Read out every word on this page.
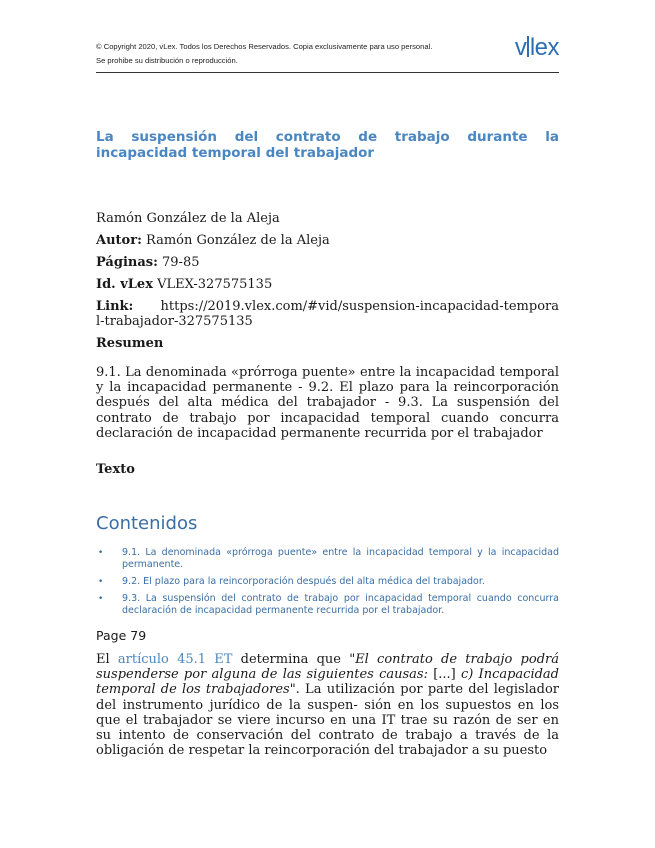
© Copyright 2020, vLex. Todos los Derechos Reservados. Copia exclusivamente para uso personal.
Se prohibe su distribución o reproducción.	v lex
La suspensión del contrato de trabajo durante la incapacidad temporal del trabajador
Ramón González de la Aleja
Autor: Ramón González de la Aleja
Páginas: 79-85
Id. vLex VLEX-327575135
Link: https://2019.vlex.com/#vid/suspension-incapacidad-temporal-trabajador-327575135
Resumen
9.1. La denominada «prórroga puente» entre la incapacidad temporal y la incapacidad permanente - 9.2. El plazo para la reincorporación después del alta médica del trabajador - 9.3. La suspensión del contrato de trabajo por incapacidad temporal cuando concurra declaración de incapacidad permanente recurrida por el trabajador
Texto
Contenidos
• 9.1. La denominada «prórroga puente» entre la incapacidad temporal y la incapacidad permanente.
• 9.2. El plazo para la reincorporación después del alta médica del trabajador.
• 9.3. La suspensión del contrato de trabajo por incapacidad temporal cuando concurra declaración de incapacidad permanente recurrida por el trabajador.
Page 79
El artículo 45.1 ET determina que "El contrato de trabajo podrá suspenderse por alguna de las siguientes causas: [...] c) Incapacidad temporal de los trabajadores". La utilización por parte del legislador del instrumento jurídico de la suspen- sión en los supuestos en los que el trabajador se viere incurso en una IT trae su razón de ser en su intento de conservación del contrato de trabajo a través de la obligación de respetar la reincorporación del trabajador a su puesto
